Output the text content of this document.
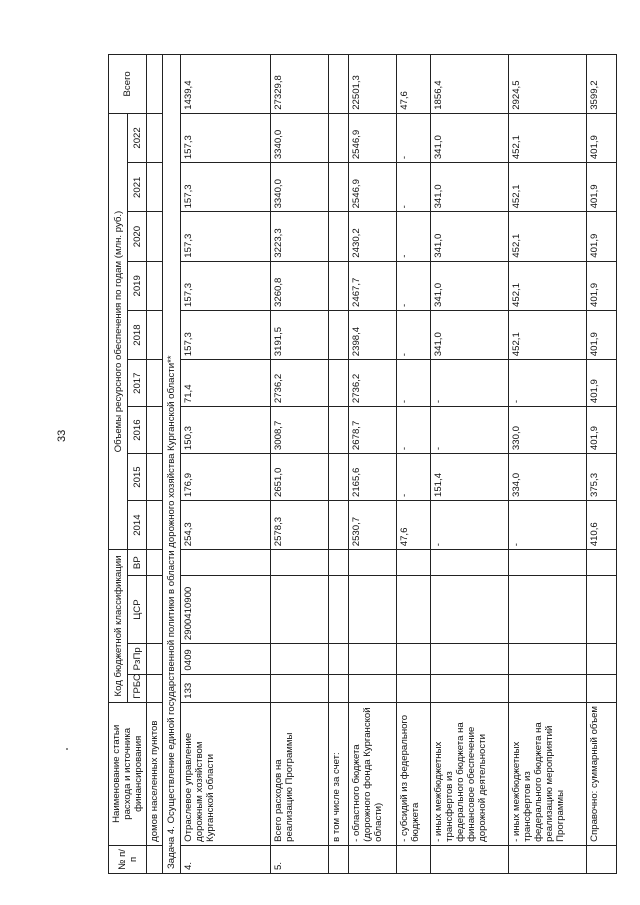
33
№ п/п	Наименование статьи расхода и источника финансирования	Код бюджетной классификации				Объемы ресурсного обеспечения по годам (млн. руб.)									Всего
		ГРБС	РзПр	ЦСР	ВР	2014	2015	2016	2017	2018	2019	2020	2021	2022	
	домов населенных пунктов														
Задача 4. Осуществление единой государственной политики в области дорожного хозяйства Курганской области**															
4.	Отраслевое управление дорожным хозяйством Курганской области	133	0409	2900410900		254,3	176,9	150,3	71,4	157,3	157,3	157,3	157,3	157,3	1439,4
5.	Всего расходов на реализацию Программы					2578,3	2651,0	3008,7	2736,2	3191,5	3260,8	3223,3	3340,0	3340,0	27329,8
	в том числе за счет:														
	- областного бюджета (дорожного фонда Курганской области)					2530,7	2165,6	2678,7	2736,2	2398,4	2467,7	2430,2	2546,9	2546,9	22501,3
	- субсидий из федерального бюджета					47,6	-	-	-	-	-	-	-	-	47,6
	- иных межбюджетных трансфертов из федерального бюджета на финансовое обеспечение дорожной деятельности					-	151,4	-	-	341,0	341,0	341,0	341,0	341,0	1856,4
	- иных межбюджетных трансфертов из федерального бюджета на реализацию мероприятий Программы					-	334,0	330,0	-	452,1	452,1	452,1	452,1	452,1	2924,5
	Справочно: суммарный объем					410,6	375,3	401,9	401,9	401,9	401,9	401,9	401,9	401,9	3599,2
